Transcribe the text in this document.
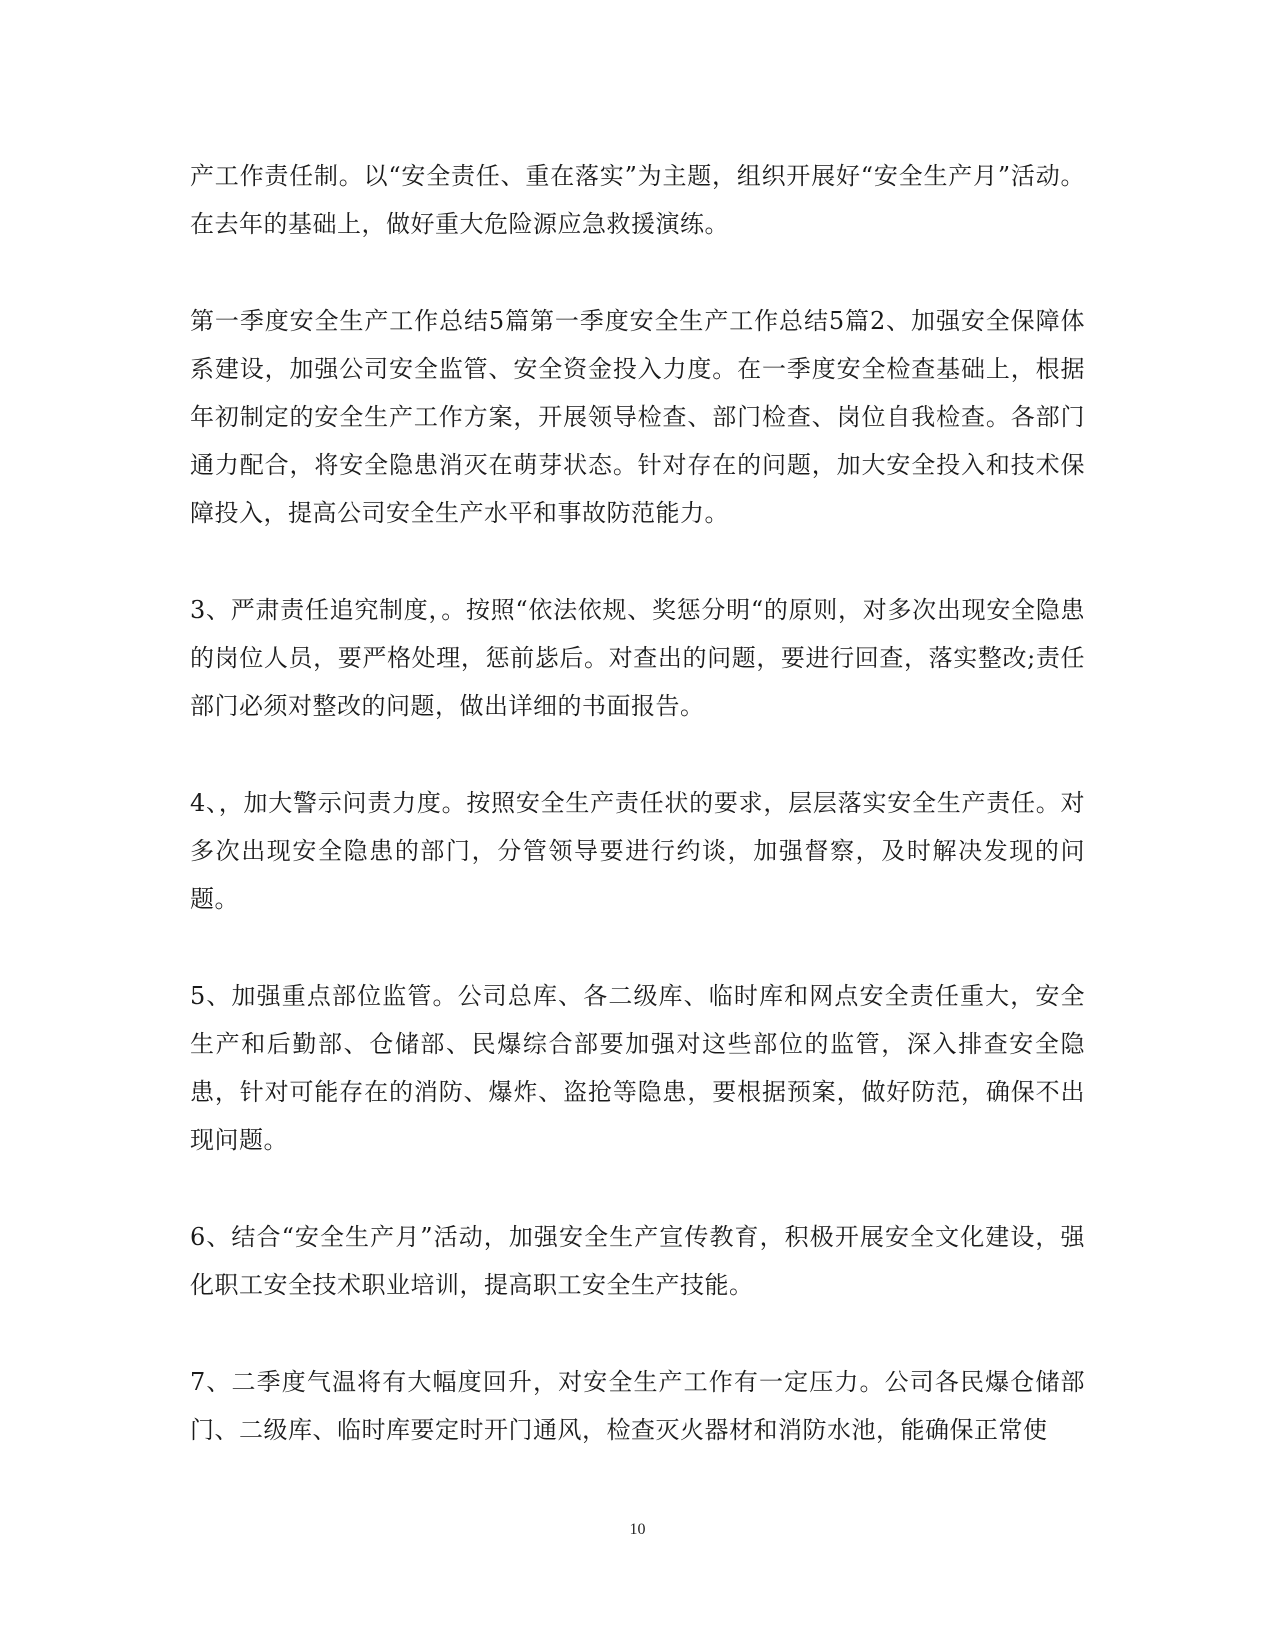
产工作责任制。以“安全责任、重在落实”为主题，组织开展好“安全生产月”活动。在去年的基础上，做好重大危险源应急救援演练。

第一季度安全生产工作总结5篇第一季度安全生产工作总结5篇2、加强安全保障体系建设，加强公司安全监管、安全资金投入力度。在一季度安全检查基础上，根据年初制定的安全生产工作方案，开展领导检查、部门检查、岗位自我检查。各部门通力配合，将安全隐患消灭在萌芽状态。针对存在的问题，加大安全投入和技术保障投入，提高公司安全生产水平和事故防范能力。

3、严肃责任追究制度，。按照“依法依规、奖惩分明“的原则，对多次出现安全隐患的岗位人员，要严格处理，惩前毖后。对查出的问题，要进行回查，落实整改;责任部门必须对整改的问题，做出详细的书面报告。

4、，加大警示问责力度。按照安全生产责任状的要求，层层落实安全生产责任。对多次出现安全隐患的部门，分管领导要进行约谈，加强督察，及时解决发现的问题。

5、加强重点部位监管。公司总库、各二级库、临时库和网点安全责任重大，安全生产和后勤部、仓储部、民爆综合部要加强对这些部位的监管，深入排查安全隐患，针对可能存在的消防、爆炸、盗抢等隐患，要根据预案，做好防范，确保不出现问题。

6、结合“安全生产月”活动，加强安全生产宣传教育，积极开展安全文化建设，强化职工安全技术职业培训，提高职工安全生产技能。

7、二季度气温将有大幅度回升，对安全生产工作有一定压力。公司各民爆仓储部门、二级库、临时库要定时开门通风，检查灭火器材和消防水池，能确保正常使

10
